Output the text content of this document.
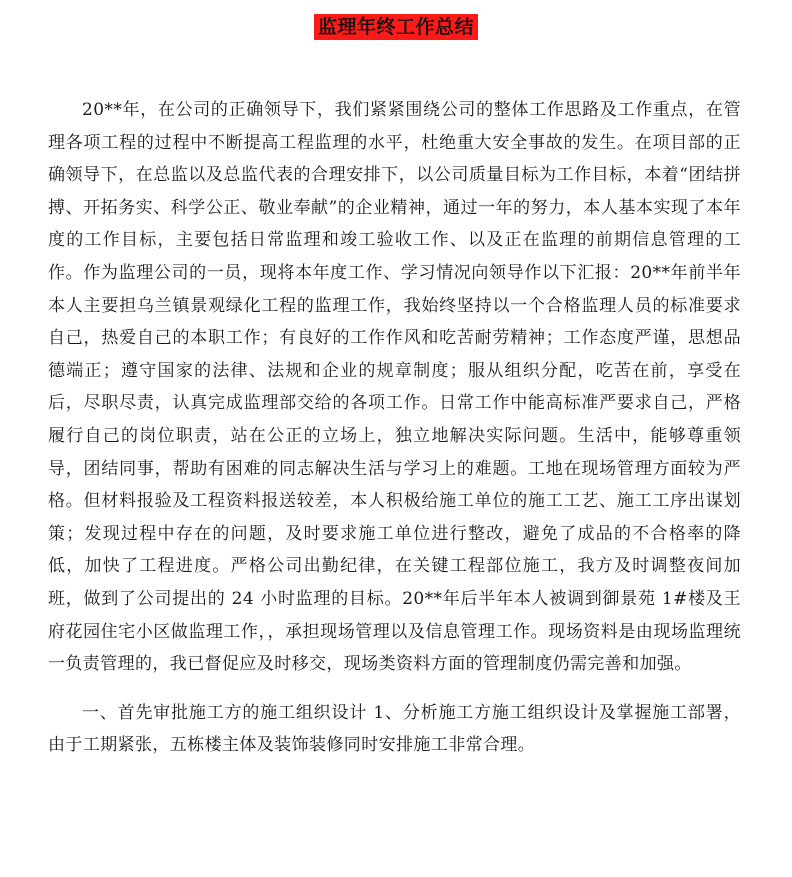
监理年终工作总结

20**年，在公司的正确领导下，我们紧紧围绕公司的整体工作思路及工作重点，在管理各项工程的过程中不断提高工程监理的水平，杜绝重大安全事故的发生。在项目部的正确领导下，在总监以及总监代表的合理安排下，以公司质量目标为工作目标，本着“团结拼搏、开拓务实、科学公正、敬业奉献”的企业精神，通过一年的努力，本人基本实现了本年度的工作目标，主要包括日常监理和竣工验收工作、以及正在监理的前期信息管理的工作。作为监理公司的一员，现将本年度工作、学习情况向领导作以下汇报：20**年前半年本人主要担乌兰镇景观绿化工程的监理工作，我始终坚持以一个合格监理人员的标准要求自己，热爱自己的本职工作；有良好的工作作风和吃苦耐劳精神；工作态度严谨，思想品德端正；遵守国家的法律、法规和企业的规章制度；服从组织分配，吃苦在前，享受在后，尽职尽责，认真完成监理部交给的各项工作。日常工作中能高标准严要求自己，严格履行自己的岗位职责，站在公正的立场上，独立地解决实际问题。生活中，能够尊重领导，团结同事，帮助有困难的同志解决生活与学习上的难题。工地在现场管理方面较为严格。但材料报验及工程资料报送较差，本人积极给施工单位的施工工艺、施工工序出谋划策；发现过程中存在的问题，及时要求施工单位进行整改，避免了成品的不合格率的降低，加快了工程进度。严格公司出勤纪律，在关键工程部位施工，我方及时调整夜间加班，做到了公司提出的 24 小时监理的目标。20**年后半年本人被调到御景苑 1#楼及王府花园住宅小区做监理工作，，承担现场管理以及信息管理工作。现场资料是由现场监理统一负责管理的，我已督促应及时移交，现场类资料方面的管理制度仍需完善和加强。

一、首先审批施工方的施工组织设计 1、分析施工方施工组织设计及掌握施工部署，由于工期紧张，五栋楼主体及装饰装修同时安排施工非常合理。
